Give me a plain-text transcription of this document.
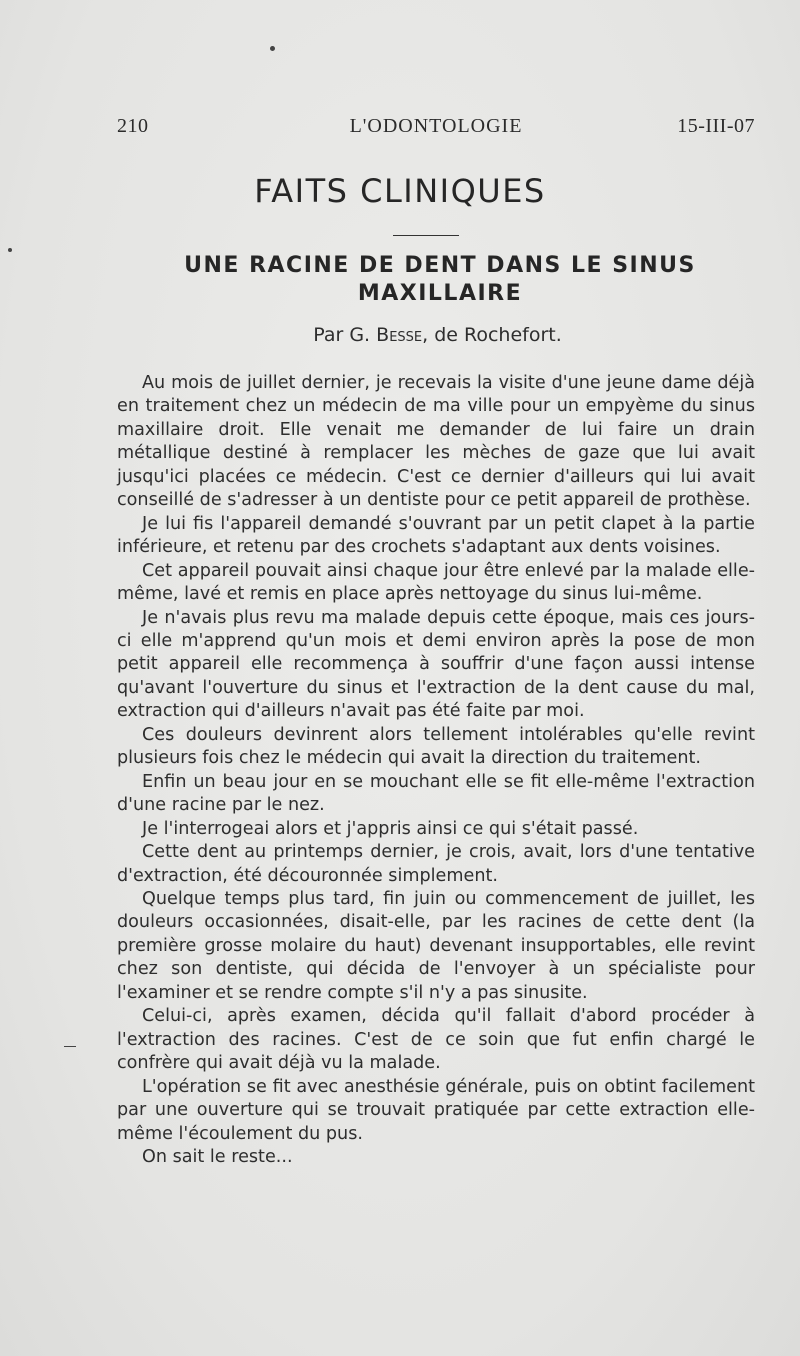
210	L'ODONTOLOGIE	15-III-07
FAITS CLINIQUES
UNE RACINE DE DENT DANS LE SINUS
MAXILLAIRE
Par G. Besse, de Rochefort.

Au mois de juillet dernier, je recevais la visite d'une jeune dame déjà en traitement chez un médecin de ma ville pour un empyème du sinus maxillaire droit. Elle venait me demander de lui faire un drain métallique destiné à remplacer les mèches de gaze que lui avait jusqu'ici placées ce médecin. C'est ce dernier d'ailleurs qui lui avait conseillé de s'adresser à un dentiste pour ce petit appareil de prothèse.

Je lui fis l'appareil demandé s'ouvrant par un petit clapet à la partie inférieure, et retenu par des crochets s'adaptant aux dents voisines.

Cet appareil pouvait ainsi chaque jour être enlevé par la malade elle-même, lavé et remis en place après nettoyage du sinus lui-même.

Je n'avais plus revu ma malade depuis cette époque, mais ces jours-ci elle m'apprend qu'un mois et demi environ après la pose de mon petit appareil elle recommença à souffrir d'une façon aussi intense qu'avant l'ouverture du sinus et l'extraction de la dent cause du mal, extraction qui d'ailleurs n'avait pas été faite par moi.

Ces douleurs devinrent alors tellement intolérables qu'elle revint plusieurs fois chez le médecin qui avait la direction du traitement.

Enfin un beau jour en se mouchant elle se fit elle-même l'extraction d'une racine par le nez.

Je l'interrogeai alors et j'appris ainsi ce qui s'était passé.

Cette dent au printemps dernier, je crois, avait, lors d'une tentative d'extraction, été découronnée simplement.

Quelque temps plus tard, fin juin ou commencement de juillet, les douleurs occasionnées, disait-elle, par les racines de cette dent (la première grosse molaire du haut) devenant insupportables, elle revint chez son dentiste, qui décida de l'envoyer à un spécialiste pour l'examiner et se rendre compte s'il n'y a pas sinusite.

Celui-ci, après examen, décida qu'il fallait d'abord procéder à l'extraction des racines. C'est de ce soin que fut enfin chargé le confrère qui avait déjà vu la malade.

L'opération se fit avec anesthésie générale, puis on obtint facilement par une ouverture qui se trouvait pratiquée par cette extraction elle-même l'écoulement du pus.

On sait le reste...
